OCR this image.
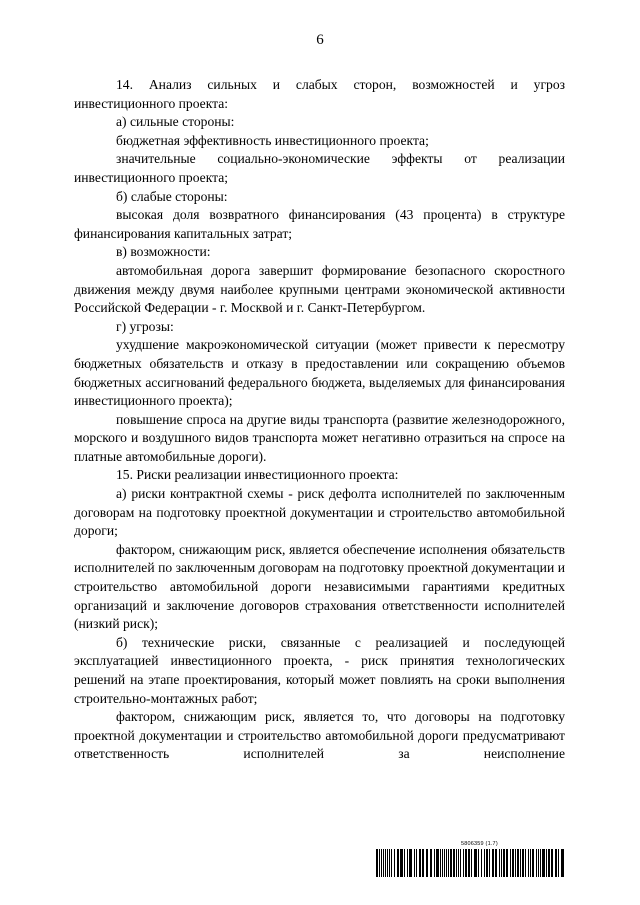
6

14. Анализ сильных и слабых сторон, возможностей и угроз инвестиционного проекта:

а) сильные стороны:

бюджетная эффективность инвестиционного проекта;

значительные социально-экономические эффекты от реализации инвестиционного проекта;

б) слабые стороны:

высокая доля возвратного финансирования (43 процента) в структуре финансирования капитальных затрат;

в) возможности:

автомобильная дорога завершит формирование безопасного скоростного движения между двумя наиболее крупными центрами экономической активности Российской Федерации - г. Москвой и г. Санкт-Петербургом.

г) угрозы:

ухудшение макроэкономической ситуации (может привести к пересмотру бюджетных обязательств и отказу в предоставлении или сокращению объемов бюджетных ассигнований федерального бюджета, выделяемых для финансирования инвестиционного проекта);

повышение спроса на другие виды транспорта (развитие железнодорожного, морского и воздушного видов транспорта может негативно отразиться на спросе на платные автомобильные дороги).

15. Риски реализации инвестиционного проекта:

а) риски контрактной схемы - риск дефолта исполнителей по заключенным договорам на подготовку проектной документации и строительство автомобильной дороги;

фактором, снижающим риск, является обеспечение исполнения обязательств исполнителей по заключенным договорам на подготовку проектной документации и строительство автомобильной дороги независимыми гарантиями кредитных организаций и заключение договоров страхования ответственности исполнителей (низкий риск);

б) технические риски, связанные с реализацией и последующей эксплуатацией инвестиционного проекта, - риск принятия технологических решений на этапе проектирования, который может повлиять на сроки выполнения строительно-монтажных работ;

фактором, снижающим риск, является то, что договоры на подготовку проектной документации и строительство автомобильной дороги предусматривают ответственность исполнителей за неисполнение

5806359 (1.7)
